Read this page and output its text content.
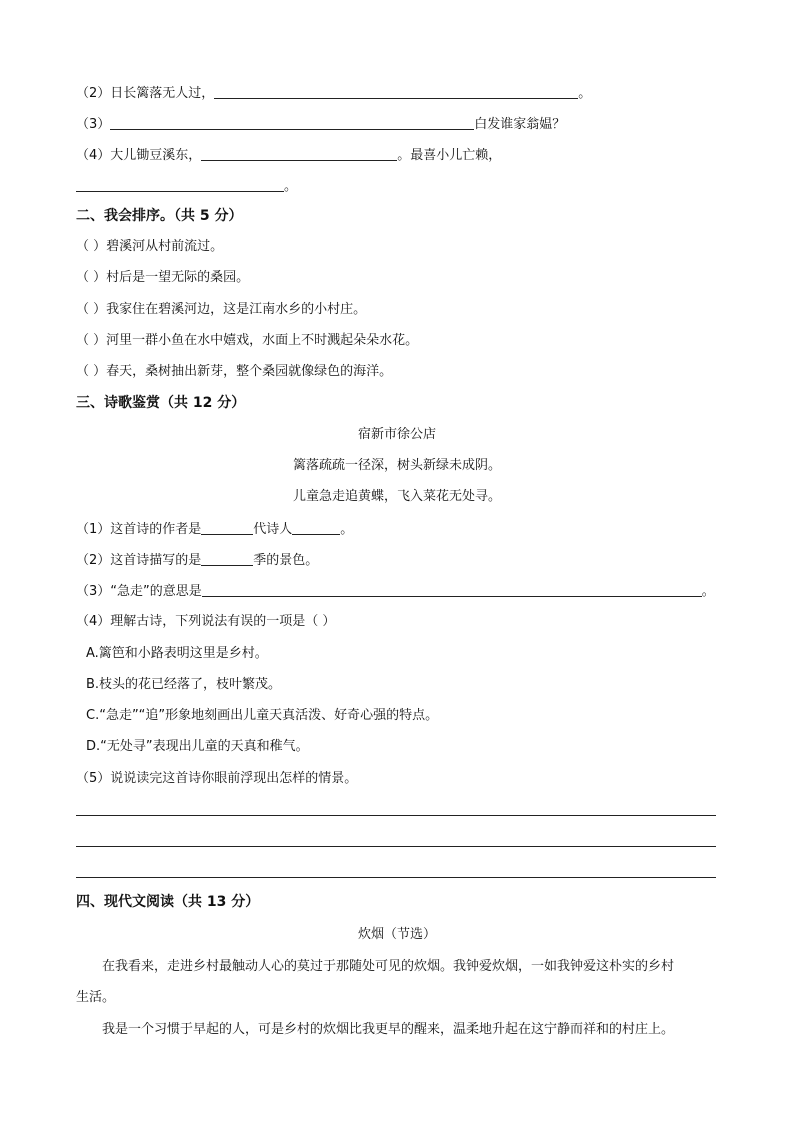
（2）日长篱落无人过，	。
（3）	白发谁家翁媪？
（4）大儿锄豆溪东，	。最喜小儿亡赖，
。
二、我会排序。（共 5 分）
（ ）碧溪河从村前流过。
（ ）村后是一望无际的桑园。
（ ）我家住在碧溪河边，这是江南水乡的小村庄。
（ ）河里一群小鱼在水中嬉戏，水面上不时溅起朵朵水花。
（ ）春天，桑树抽出新芽，整个桑园就像绿色的海洋。
三、诗歌鉴赏（共 12 分）
宿新市徐公店
篱落疏疏一径深，树头新绿未成阴。
儿童急走追黄蝶，飞入菜花无处寻。
（1）这首诗的作者是	代诗人	。
（2）这首诗描写的是	季的景色。
（3）“急走”的意思是	。
（4）理解古诗，下列说法有误的一项是（ ）
A.篱笆和小路表明这里是乡村。
B.枝头的花已经落了，枝叶繁茂。
C.“急走”“追”形象地刻画出儿童天真活泼、好奇心强的特点。
D.“无处寻”表现出儿童的天真和稚气。
（5）说说读完这首诗你眼前浮现出怎样的情景。
四、现代文阅读（共 13 分）
炊烟（节选）
在我看来，走进乡村最触动人心的莫过于那随处可见的炊烟。我钟爱炊烟，一如我钟爱这朴实的乡村
生活。
我是一个习惯于早起的人，可是乡村的炊烟比我更早的醒来，温柔地升起在这宁静而祥和的村庄上。
